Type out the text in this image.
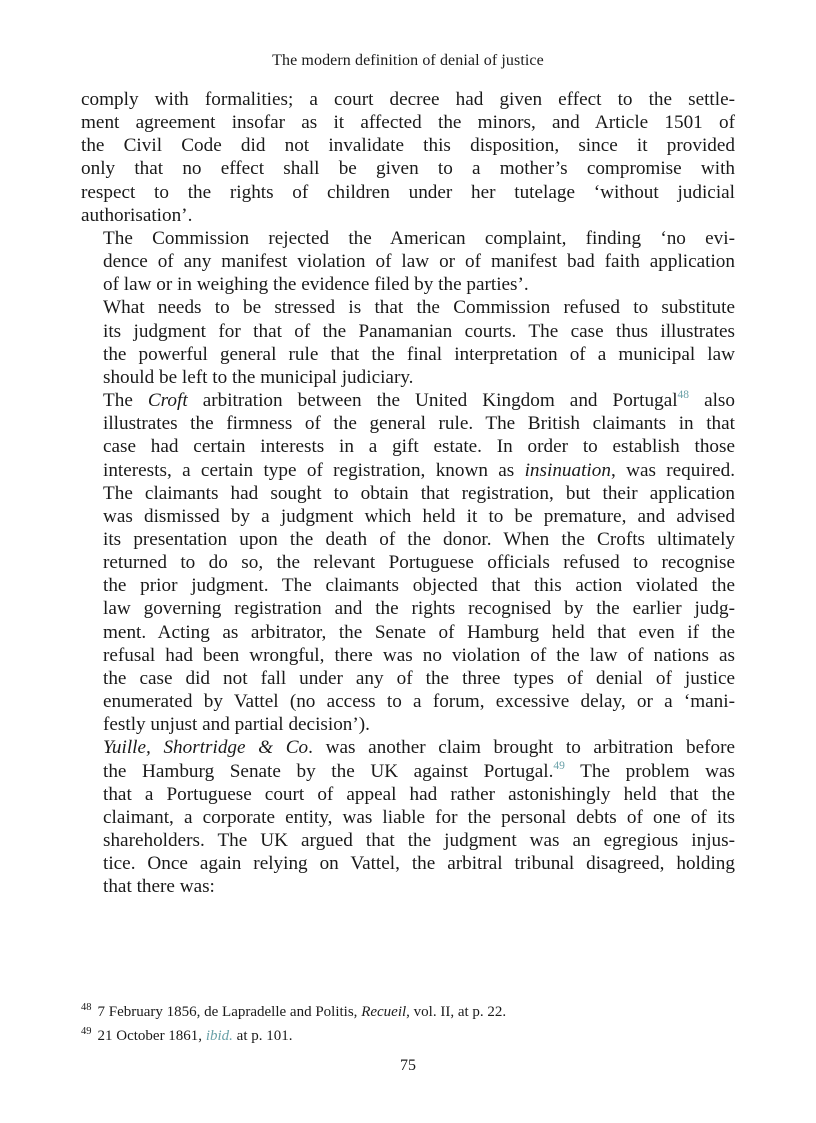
The modern definition of denial of justice

comply with formalities; a court decree had given effect to the settle-
ment agreement insofar as it affected the minors, and Article 1501 of
the Civil Code did not invalidate this disposition, since it provided
only that no effect shall be given to a mother’s compromise with
respect to the rights of children under her tutelage ‘without judicial
authorisation’.

The Commission rejected the American complaint, finding ‘no evi-
dence of any manifest violation of law or of manifest bad faith application
of law or in weighing the evidence filed by the parties’.

What needs to be stressed is that the Commission refused to substitute
its judgment for that of the Panamanian courts. The case thus illustrates
the powerful general rule that the final interpretation of a municipal law
should be left to the municipal judiciary.

The Croft arbitration between the United Kingdom and Portugal$^{48}$ also
illustrates the firmness of the general rule. The British claimants in that
case had certain interests in a gift estate. In order to establish those
interests, a certain type of registration, known as insinuation, was required.
The claimants had sought to obtain that registration, but their application
was dismissed by a judgment which held it to be premature, and advised
its presentation upon the death of the donor. When the Crofts ultimately
returned to do so, the relevant Portuguese officials refused to recognise
the prior judgment. The claimants objected that this action violated the
law governing registration and the rights recognised by the earlier judg-
ment. Acting as arbitrator, the Senate of Hamburg held that even if the
refusal had been wrongful, there was no violation of the law of nations as
the case did not fall under any of the three types of denial of justice
enumerated by Vattel (no access to a forum, excessive delay, or a ‘mani-
festly unjust and partial decision’).

Yuille, Shortridge & Co. was another claim brought to arbitration before
the Hamburg Senate by the UK against Portugal.$^{49}$ The problem was
that a Portuguese court of appeal had rather astonishingly held that the
claimant, a corporate entity, was liable for the personal debts of one of its
shareholders. The UK argued that the judgment was an egregious injus-
tice. Once again relying on Vattel, the arbitral tribunal disagreed, holding
that there was:

$^{48}$ 7 February 1856, de Lapradelle and Politis, Recueil, vol. II, at p. 22.
$^{49}$ 21 October 1861, ibid. at p. 101.
75
